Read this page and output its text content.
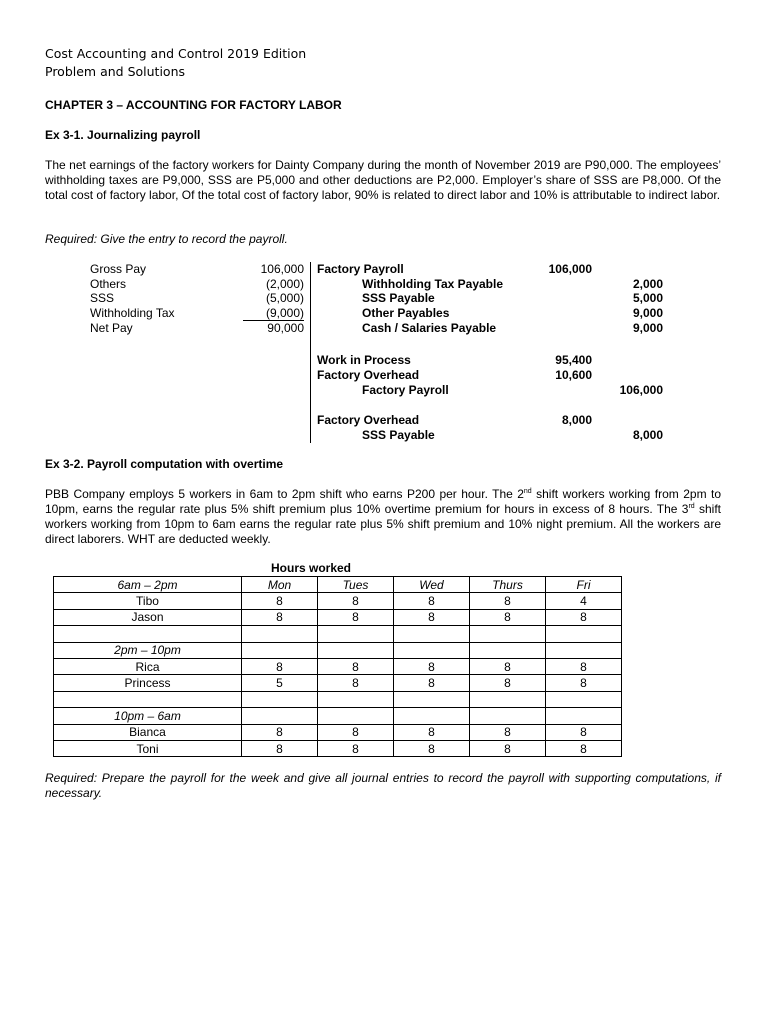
Cost Accounting and Control 2019 Edition
Problem and Solutions
CHAPTER 3 – ACCOUNTING FOR FACTORY LABOR
Ex 3-1. Journalizing payroll
The net earnings of the factory workers for Dainty Company during the month of November 2019 are P90,000. The employees’ withholding taxes are P9,000, SSS are P5,000 and other deductions are P2,000. Employer’s share of SSS are P8,000. Of the total cost of factory labor, Of the total cost of factory labor, 90% is related to direct labor and 10% is attributable to indirect labor.
Required: Give the entry to record the payroll.
Gross Pay	106,000
Others	(2,000)
SSS	(5,000)
Withholding Tax	(9,000)
Net Pay	90,000
Factory Payroll	106,000
Withholding Tax Payable	2,000
SSS Payable	5,000
Other Payables	9,000
Cash / Salaries Payable	9,000
Work in Process	95,400
Factory Overhead	10,600
Factory Payroll	106,000
Factory Overhead	8,000
SSS Payable	8,000
Ex 3-2. Payroll computation with overtime
PBB Company employs 5 workers in 6am to 2pm shift who earns P200 per hour. The 2nd shift workers working from 2pm to 10pm, earns the regular rate plus 5% shift premium plus 10% overtime premium for hours in excess of 8 hours. The 3rd shift workers working from 10pm to 6am earns the regular rate plus 5% shift premium and 10% night premium. All the workers are direct laborers. WHT are deducted weekly.
Hours worked
6am – 2pm	Mon	Tues	Wed	Thurs	Fri
Tibo	8	8	8	8	4
Jason	8	8	8	8	8

2pm – 10pm					
Rica	8	8	8	8	8
Princess	5	8	8	8	8

10pm – 6am					
Bianca	8	8	8	8	8
Toni	8	8	8	8	8
Required: Prepare the payroll for the week and give all journal entries to record the payroll with supporting computations, if necessary.
